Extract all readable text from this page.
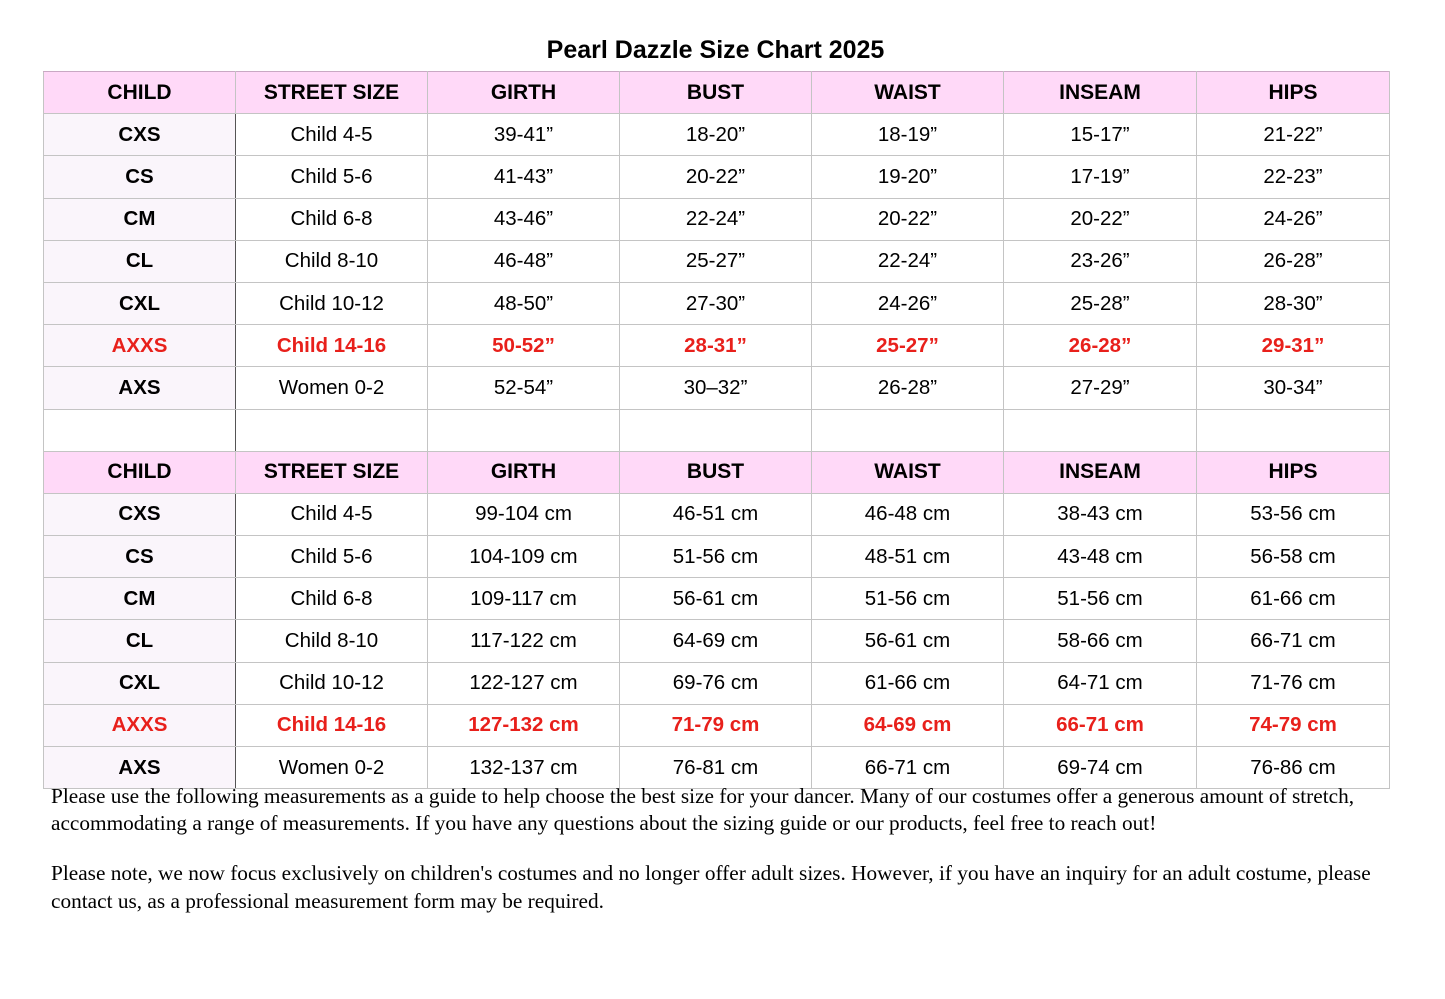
Pearl Dazzle Size Chart 2025
CHILD	STREET SIZE	GIRTH	BUST	WAIST	INSEAM	HIPS
CXS	Child 4-5	39-41”	18-20”	18-19”	15-17”	21-22”
CS	Child 5-6	41-43”	20-22”	19-20”	17-19”	22-23”
CM	Child 6-8	43-46”	22-24”	20-22”	20-22”	24-26”
CL	Child 8-10	46-48”	25-27”	22-24”	23-26”	26-28”
CXL	Child 10-12	48-50”	27-30”	24-26”	25-28”	28-30”
AXXS	Child 14-16	50-52”	28-31”	25-27”	26-28”	29-31”
AXS	Women 0-2	52-54”	30–32”	26-28”	27-29”	30-34”

CHILD	STREET SIZE	GIRTH	BUST	WAIST	INSEAM	HIPS
CXS	Child 4-5	99-104 cm	46-51 cm	46-48 cm	38-43 cm	53-56 cm
CS	Child 5-6	104-109 cm	51-56 cm	48-51 cm	43-48 cm	56-58 cm
CM	Child 6-8	109-117 cm	56-61 cm	51-56 cm	51-56 cm	61-66 cm
CL	Child 8-10	117-122 cm	64-69 cm	56-61 cm	58-66 cm	66-71 cm
CXL	Child 10-12	122-127 cm	69-76 cm	61-66 cm	64-71 cm	71-76 cm
AXXS	Child 14-16	127-132 cm	71-79 cm	64-69 cm	66-71 cm	74-79 cm
AXS	Women 0-2	132-137 cm	76-81 cm	66-71 cm	69-74 cm	76-86 cm

Please use the following measurements as a guide to help choose the best size for your dancer. Many of our costumes offer a generous amount of stretch, accommodating a range of measurements. If you have any questions about the sizing guide or our products, feel free to reach out!

Please note, we now focus exclusively on children's costumes and no longer offer adult sizes. However, if you have an inquiry for an adult costume, please contact us, as a professional measurement form may be required.
